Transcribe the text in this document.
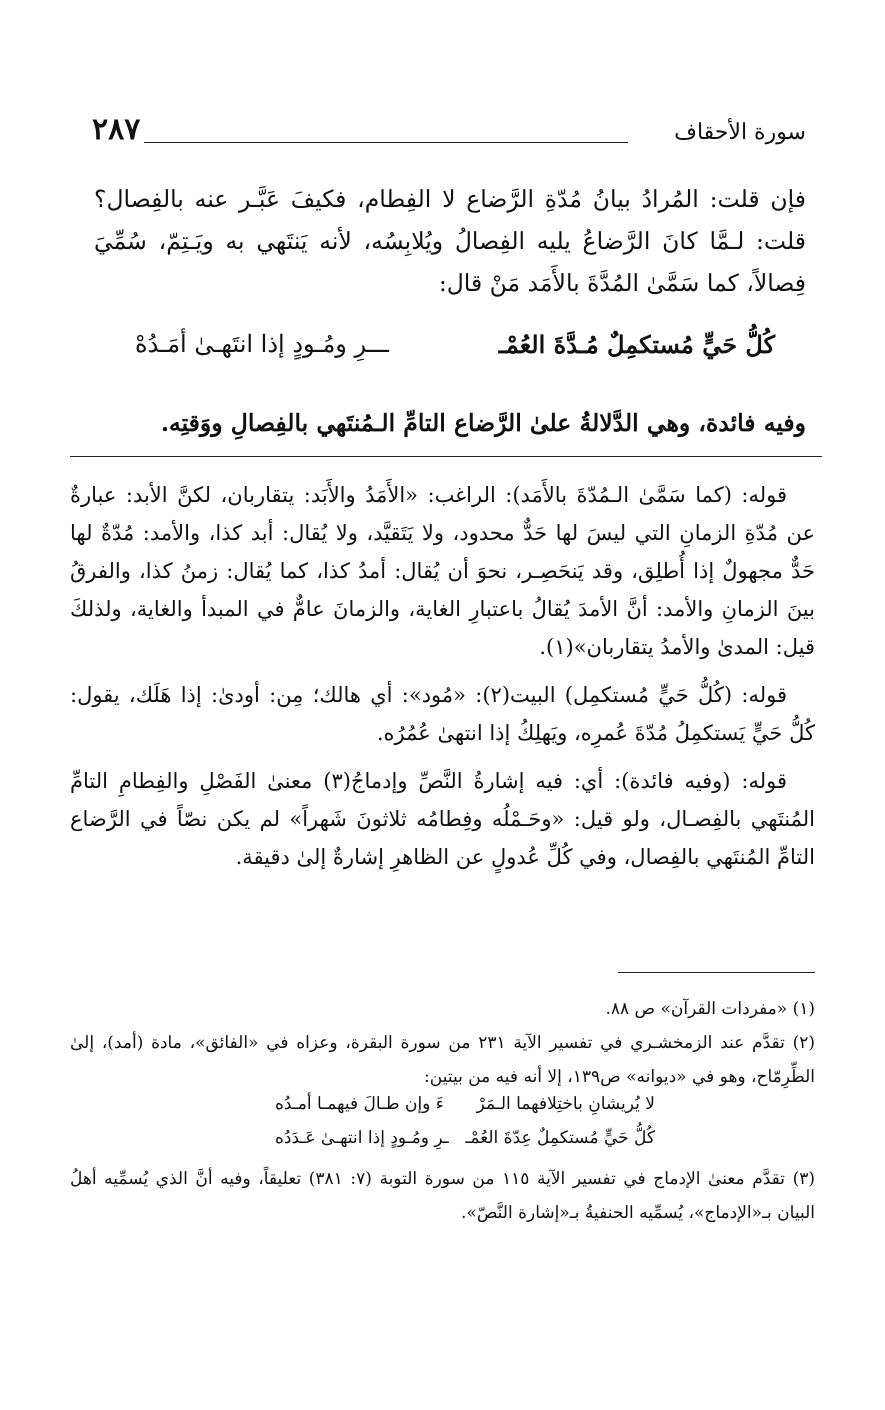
سورة الأحقاف
٢٨٧

فإن قلت: المُرادُ بيانُ مُدّةِ الرَّضاع لا الفِطام، فكيفَ عَبَّـر عنه بالفِصال؟ قلت: لـمَّا كانَ الرَّضاعُ يليه الفِصالُ ويُلابِسُه، لأنه يَنتَهي به ويَـتِمّ، سُمِّيَ فِصالاً، كما سَمَّىٰ المُدَّةَ بالأَمَد مَنْ قال:

كُلُّ حَيٍّ مُستكمِلٌ مُـدَّةَ العُمْـ
ـــرِ ومُـودٍ إذا انتَهـىٰ أمَـدُهْ

وفيه فائدة، وهي الدَّلالةُ علىٰ الرَّضاع التامِّ الـمُنتَهي بالفِصالِ ووَقتِه.

قوله: (كما سَمَّىٰ الـمُدّةَ بالأَمَد): الراغب: «الأَمَدُ والأَبَد: يتقاربان، لكنَّ الأبد: عبارةٌ عن مُدّةِ الزمانِ التي ليسَ لها حَدٌّ محدود، ولا يَتَقيَّد، ولا يُقال: أبد كذا، والأمد: مُدّةٌ لها حَدٌّ مجهولٌ إذا أُطلِق، وقد يَنحَصِـر، نحوَ أن يُقال: أمدُ كذا، كما يُقال: زمنُ كذا، والفرقُ بينَ الزمانِ والأمد: أنَّ الأمدَ يُقالُ باعتبارِ الغاية، والزمانَ عامٌّ في المبدأ والغاية، ولذلكَ قيل: المدىٰ والأمدُ يتقاربان»(١).

قوله: (كُلُّ حَيٍّ مُستكمِل) البيت(٢): «مُود»: أي هالك؛ مِن: أودىٰ: إذا هَلَك، يقول: كُلُّ حَيٍّ يَستكمِلُ مُدّةَ عُمرِه، ويَهلِكُ إذا انتهىٰ عُمُرُه.

قوله: (وفيه فائدة): أي: فيه إشارةُ النَّصِّ وإدماجُ(٣) معنىٰ الفَصْلِ والفِطامِ التامِّ المُنتَهي بالفِصـال، ولو قيل: «وحَـمْلُه وفِطامُه ثلاثونَ شَهراً» لم يكن نصّاً في الرَّضاع التامِّ المُنتَهي بالفِصال، وفي كُلِّ عُدولٍ عن الظاهرِ إشارةٌ إلىٰ دقيقة.

(١) «مفردات القرآن» ص ٨٨.

(٢) تقدَّم عند الزمخشـري في تفسير الآية ٢٣١ من سورة البقرة، وعزاه في «الفائق»، مادة (أمد)، إلىٰ الطِّرِمّاح، وهو في «ديوانه» ص١٣٩، إلا أنه فيه من بيتين:

لا يُريشانِ باختِلافهما الـمَرْ
ءَ وإن طـالَ فيهمـا أمـدُه
كُلُّ حَيٍّ مُستكمِلٌ عِدّةَ العُمْـ
ـرِ ومُـودٍ إذا انتهـىٰ عَـدَدُه

(٣) تقدَّم معنىٰ الإدماج في تفسير الآية ١١٥ من سورة التوبة (٧: ٣٨١) تعليقاً، وفيه أنَّ الذي يُسمِّيه أهلُ البيان بـ«الإدماج»، يُسمِّيه الحنفيةُ بـ«إشارة النَّصّ».
